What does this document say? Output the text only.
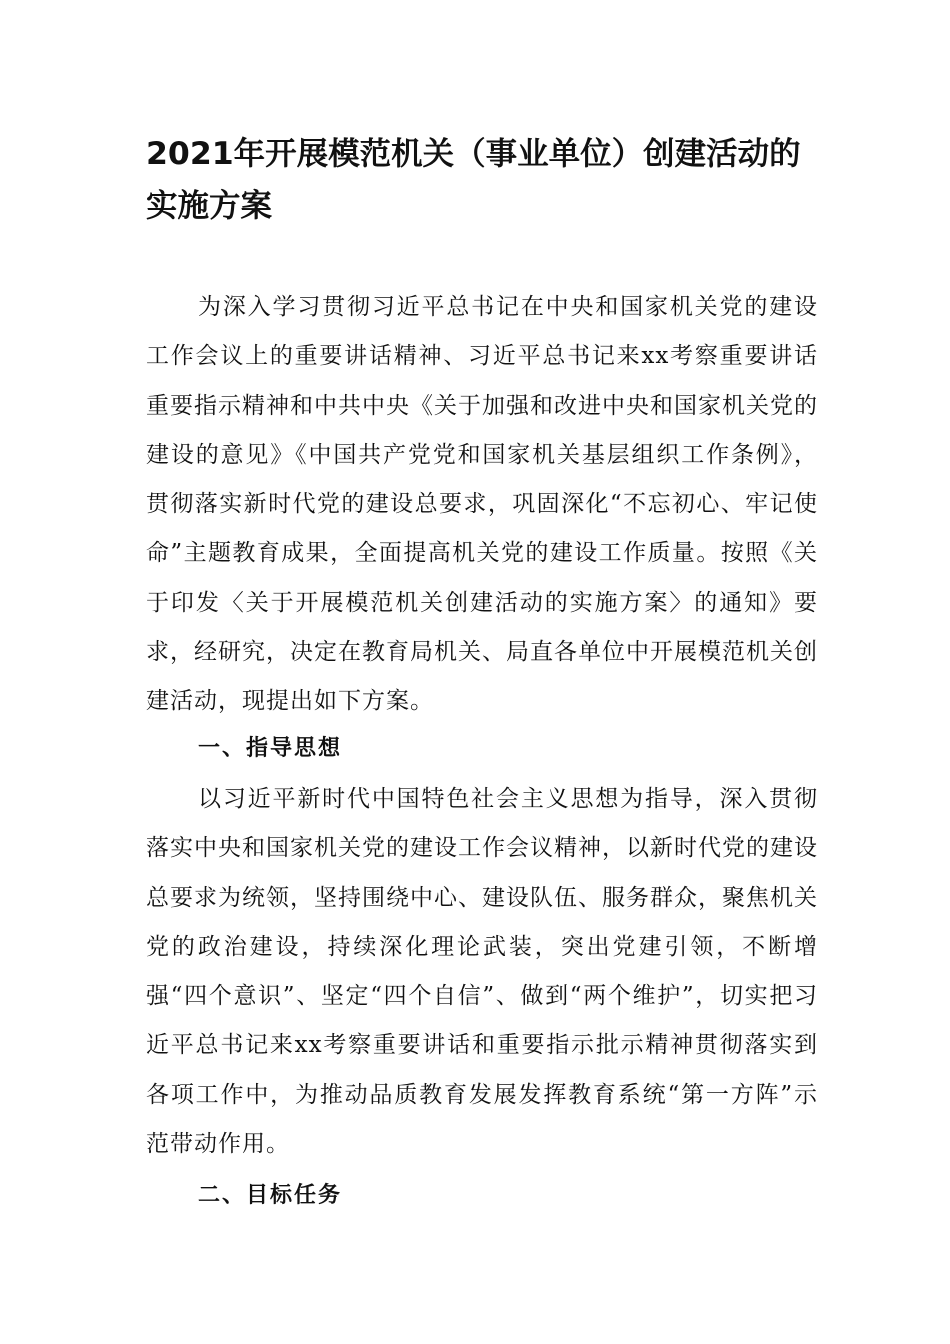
2021年开展模范机关（事业单位）创建活动的实施方案

为深入学习贯彻习近平总书记在中央和国家机关党的建设工作会议上的重要讲话精神、习近平总书记来xx考察重要讲话重要指示精神和中共中央《关于加强和改进中央和国家机关党的建设的意见》《中国共产党党和国家机关基层组织工作条例》，贯彻落实新时代党的建设总要求，巩固深化“不忘初心、牢记使命”主题教育成果，全面提高机关党的建设工作质量。按照《关于印发〈关于开展模范机关创建活动的实施方案〉的通知》要求，经研究，决定在教育局机关、局直各单位中开展模范机关创建活动，现提出如下方案。

一、指导思想

以习近平新时代中国特色社会主义思想为指导，深入贯彻落实中央和国家机关党的建设工作会议精神，以新时代党的建设总要求为统领，坚持围绕中心、建设队伍、服务群众，聚焦机关党的政治建设，持续深化理论武装，突出党建引领，不断增强“四个意识”、坚定“四个自信”、做到“两个维护”，切实把习近平总书记来xx考察重要讲话和重要指示批示精神贯彻落实到各项工作中，为推动品质教育发展发挥教育系统“第一方阵”示范带动作用。

二、目标任务
